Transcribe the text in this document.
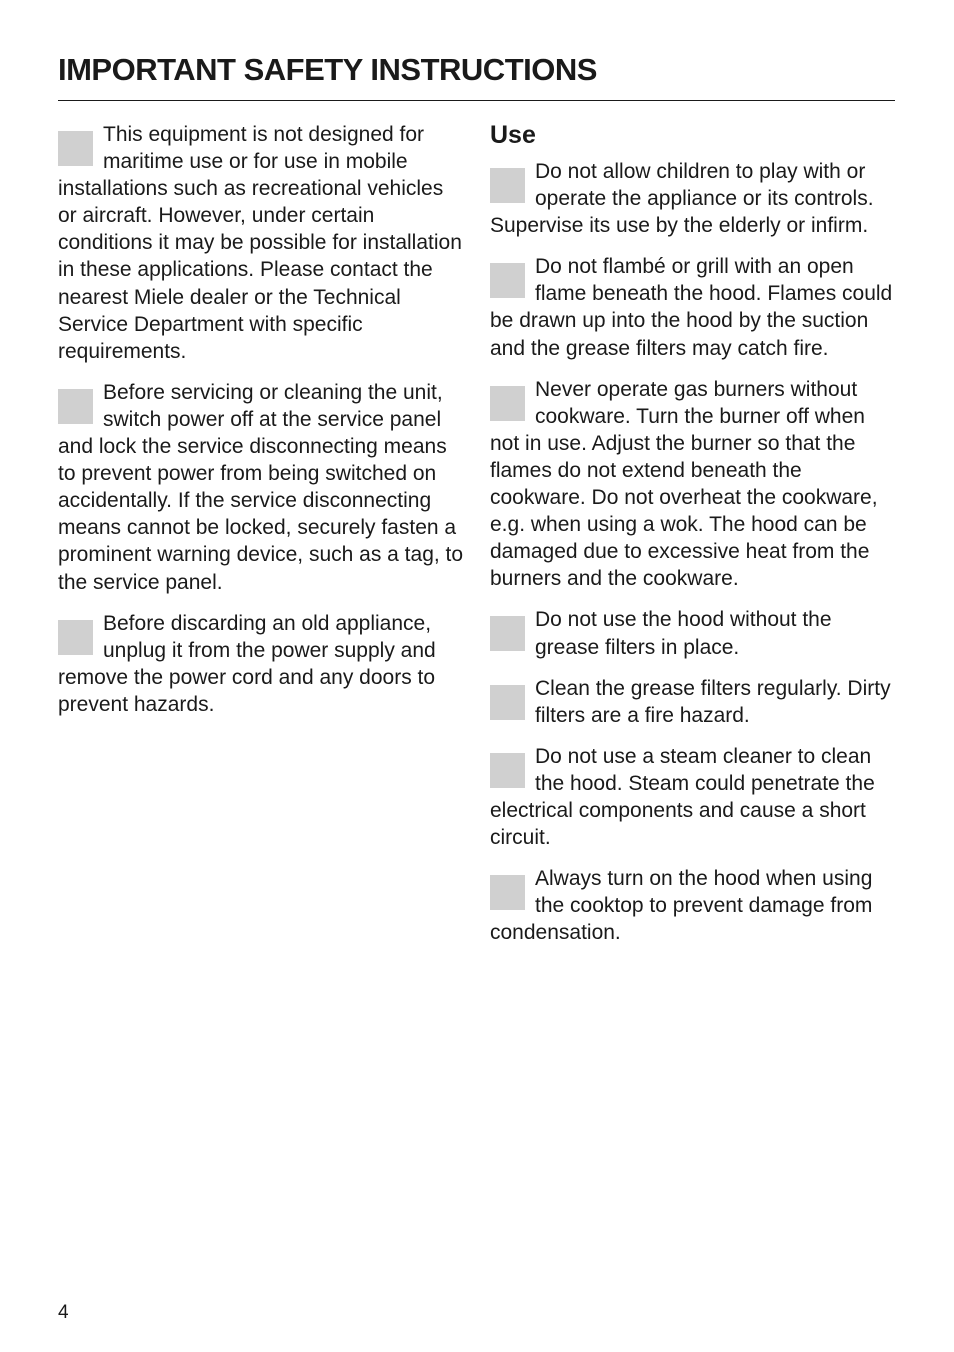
IMPORTANT SAFETY INSTRUCTIONS

This equipment is not designed for maritime use or for use in mobile installations such as recreational vehicles or aircraft. However, under certain conditions it may be possible for installation in these applications. Please contact the nearest Miele dealer or the Technical Service Department with specific requirements.

Before servicing or cleaning the unit, switch power off at the service panel and lock the service disconnecting means to prevent power from being switched on accidentally. If the service disconnecting means cannot be locked, securely fasten a prominent warning device, such as a tag, to the service panel.

Before discarding an old appliance, unplug it from the power supply and remove the power cord and any doors to prevent hazards.

Use

Do not allow children to play with or operate the appliance or its controls. Supervise its use by the elderly or infirm.

Do not flambé or grill with an open flame beneath the hood. Flames could be drawn up into the hood by the suction and the grease filters may catch fire.

Never operate gas burners without cookware. Turn the burner off when not in use. Adjust the burner so that the flames do not extend beneath the cookware. Do not overheat the cookware, e.g. when using a wok. The hood can be damaged due to excessive heat from the burners and the cookware.

Do not use the hood without the grease filters in place.

Clean the grease filters regularly. Dirty filters are a fire hazard.

Do not use a steam cleaner to clean the hood. Steam could penetrate the electrical components and cause a short circuit.

Always turn on the hood when using the cooktop to prevent damage from condensation.

4
